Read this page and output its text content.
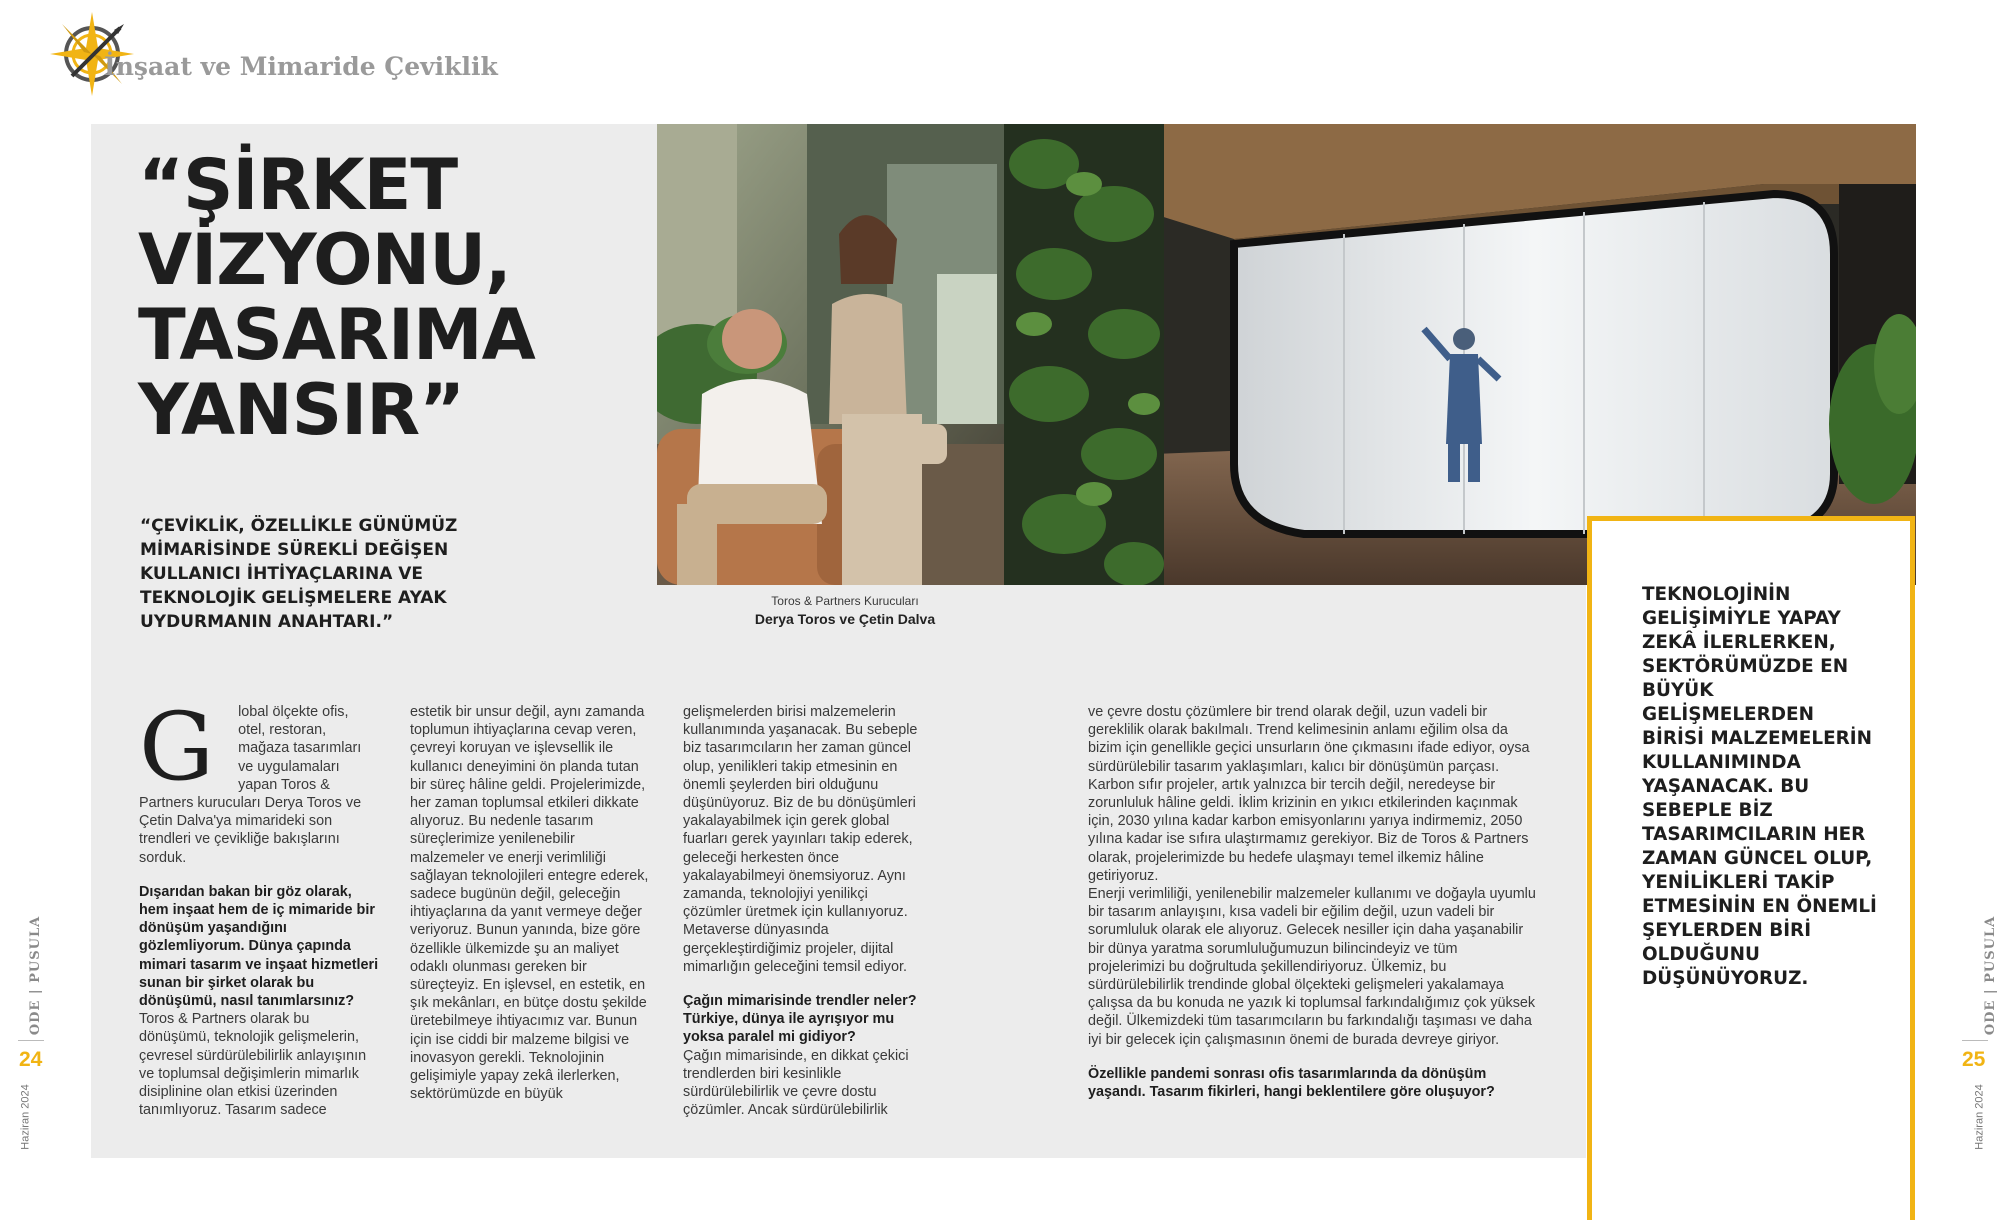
İnşaat ve Mimaride Çeviklik
“ŞİRKET
VİZYONU,
TASARIMA
YANSIR”
“ÇEVİKLİK, ÖZELLİKLE GÜNÜMÜZ MİMARİSİNDE SÜREKLİ DEĞİŞEN KULLANICI İHTİYAÇLARINA VE TEKNOLOJİK GELİŞMELERE AYAK UYDURMANIN ANAHTARI.”
Toros & Partners Kurucuları
Derya Toros ve Çetin Dalva
G	lobal ölçekte ofis, otel, restoran, mağaza tasarımları ve uygulamaları yapan Toros & Partners kurucuları Derya Toros ve Çetin Dalva'ya mimarideki son trendleri ve çevikliğe bakışlarını sorduk.

Dışarıdan bakan bir göz olarak, hem inşaat hem de iç mimaride bir dönüşüm yaşandığını gözlemliyorum. Dünya çapında mimari tasarım ve inşaat hizmetleri sunan bir şirket olarak bu dönüşümü, nasıl tanımlarsınız?

Toros & Partners olarak bu dönüşümü, teknolojik gelişmelerin, çevresel sürdürülebilirlik anlayışının ve toplumsal değişimlerin mimarlık disiplinine olan etkisi üzerinden tanımlıyoruz. Tasarım sadece

estetik bir unsur değil, aynı zamanda toplumun ihtiyaçlarına cevap veren, çevreyi koruyan ve işlevsellik ile kullanıcı deneyimini ön planda tutan bir süreç hâline geldi. Projelerimizde, her zaman toplumsal etkileri dikkate alıyoruz. Bu nedenle tasarım süreçlerimize yenilenebilir malzemeler ve enerji verimliliği sağlayan teknolojileri entegre ederek, sadece bugünün değil, geleceğin ihtiyaçlarına da yanıt vermeye değer veriyoruz. Bunun yanında, bize göre özellikle ülkemizde şu an maliyet odaklı olunması gereken bir süreçteyiz. En işlevsel, en estetik, en şık mekânları, en bütçe dostu şekilde üretebilmeye ihtiyacımız var. Bunun için ise ciddi bir malzeme bilgisi ve inovasyon gerekli. Teknolojinin gelişimiyle yapay zekâ ilerlerken, sektörümüzde en büyük

gelişmelerden birisi malzemelerin kullanımında yaşanacak. Bu sebeple biz tasarımcıların her zaman güncel olup, yenilikleri takip etmesinin en önemli şeylerden biri olduğunu düşünüyoruz. Biz de bu dönüşümleri yakalayabilmek için gerek global fuarları gerek yayınları takip ederek, geleceği herkesten önce yakalayabilmeyi önemsiyoruz. Aynı zamanda, teknolojiyi yenilikçi çözümler üretmek için kullanıyoruz. Metaverse dünyasında gerçekleştirdiğimiz projeler, dijital mimarlığın geleceğini temsil ediyor.

Çağın mimarisinde trendler neler? Türkiye, dünya ile ayrışıyor mu yoksa paralel mi gidiyor?

Çağın mimarisinde, en dikkat çekici trendlerden biri kesinlikle sürdürülebilirlik ve çevre dostu çözümler. Ancak sürdürülebilirlik

ve çevre dostu çözümlere bir trend olarak değil, uzun vadeli bir gereklilik olarak bakılmalı. Trend kelimesinin anlamı eğilim olsa da bizim için genellikle geçici unsurların öne çıkmasını ifade ediyor, oysa sürdürülebilir tasarım yaklaşımları, kalıcı bir dönüşümün parçası. Karbon sıfır projeler, artık yalnızca bir tercih değil, neredeyse bir zorunluluk hâline geldi. İklim krizinin en yıkıcı etkilerinden kaçınmak için, 2030 yılına kadar karbon emisyonlarını yarıya indirmemiz, 2050 yılına kadar ise sıfıra ulaştırmamız gerekiyor. Biz de Toros & Partners olarak, projelerimizde bu hedefe ulaşmayı temel ilkemiz hâline getiriyoruz.

Enerji verimliliği, yenilenebilir malzemeler kullanımı ve doğayla uyumlu bir tasarım anlayışını, kısa vadeli bir eğilim değil, uzun vadeli bir sorumluluk olarak ele alıyoruz. Gelecek nesiller için daha yaşanabilir bir dünya yaratma sorumluluğumuzun bilincindeyiz ve tüm projelerimizi bu doğrultuda şekillendiriyoruz. Ülkemiz, bu sürdürülebilirlik trendinde global ölçekteki gelişmeleri yakalamaya çalışsa da bu konuda ne yazık ki toplumsal farkındalığımız çok yüksek değil. Ülkemizdeki tüm tasarımcıların bu farkındalığı taşıması ve daha iyi bir gelecek için çalışmasının önemi de burada devreye giriyor.

Özellikle pandemi sonrası ofis tasarımlarında da dönüşüm yaşandı. Tasarım fikirleri, hangi beklentilere göre oluşuyor?

TEKNOLOJİNİN GELİŞİMİYLE YAPAY ZEKÂ İLERLERKEN, SEKTÖRÜMÜZDE EN BÜYÜK GELİŞMELERDEN BİRİSİ MALZEMELERİN KULLANIMINDA YAŞANACAK. BU SEBEPLE BİZ TASARIMCILARIN HER ZAMAN GÜNCEL OLUP, YENİLİKLERİ TAKİP ETMESİNİN EN ÖNEMLİ ŞEYLERDEN BİRİ OLDUĞUNU DÜŞÜNÜYORUZ.
ODE | PUSULA
24
Haziran 2024
ODE | PUSULA
25
Haziran 2024
